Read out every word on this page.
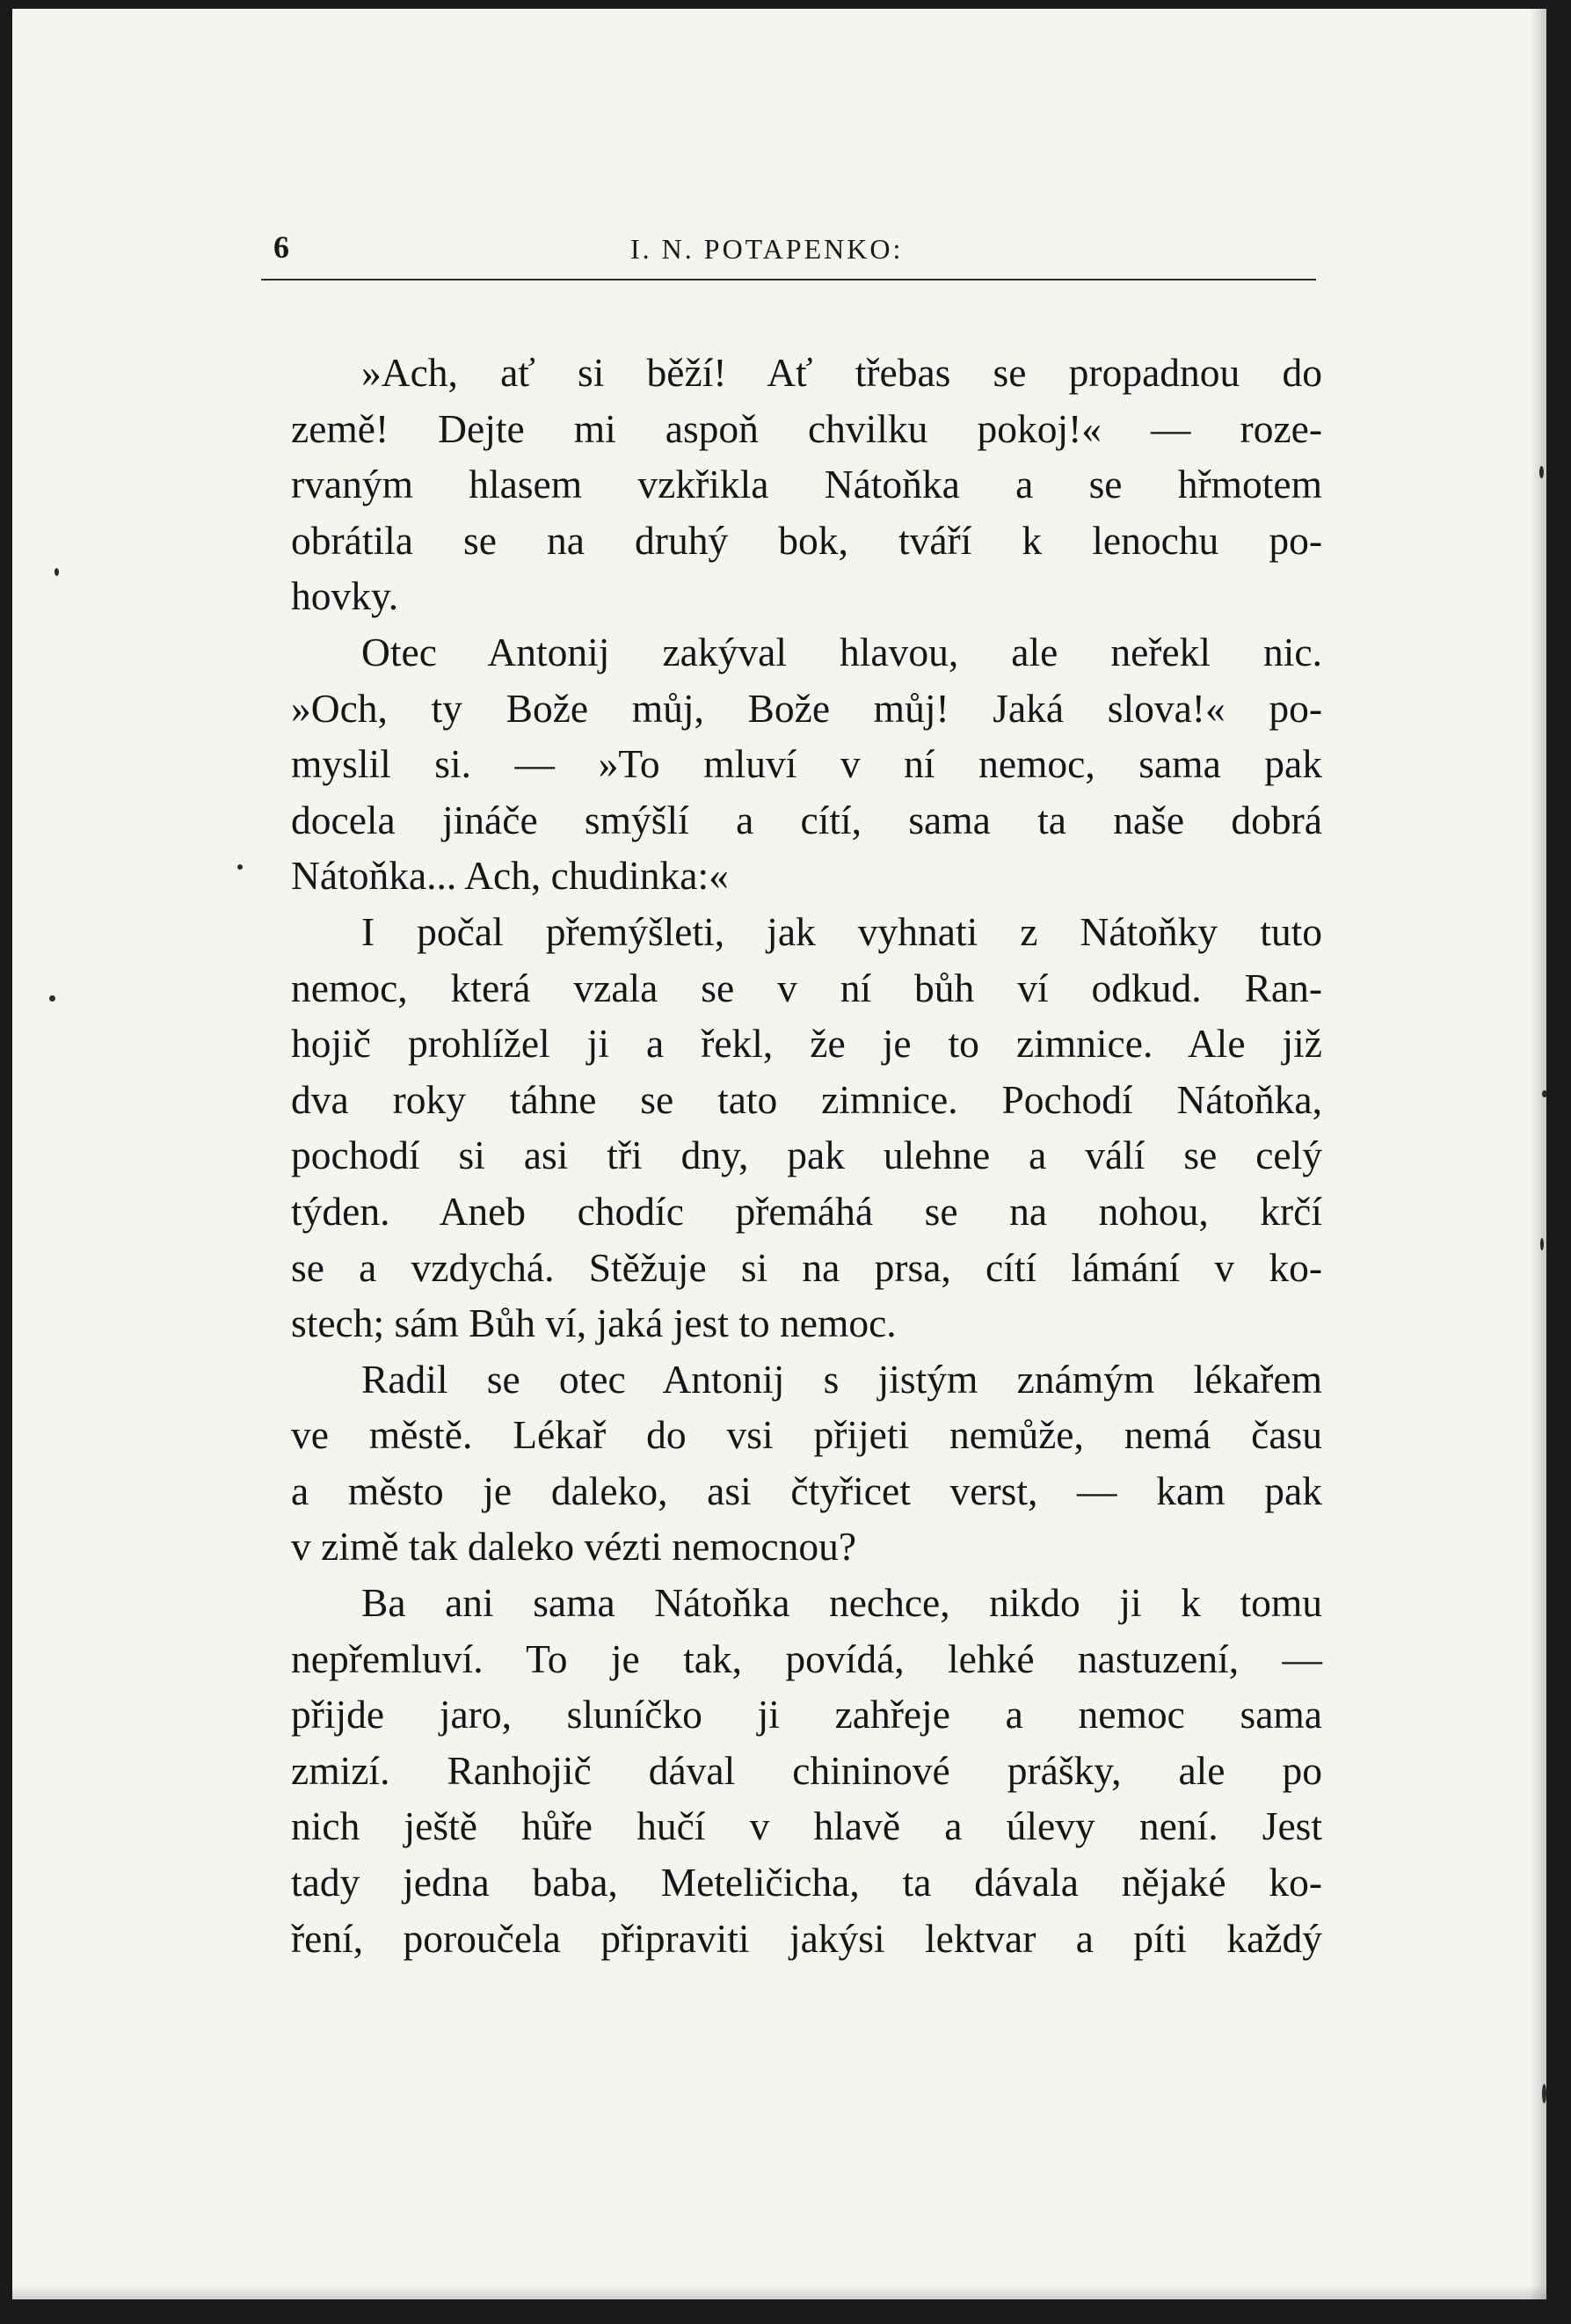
6	I. N. POTAPENKO:
»Ach, ať si běží! Ať třebas se propadnou do
země! Dejte mi aspoň chvilku pokoj!« — roze-
rvaným hlasem vzkřikla Nátoňka a se hřmotem
obrátila se na druhý bok, tváří k lenochu po-
hovky.
Otec Antonij zakýval hlavou, ale neřekl nic.
»Och, ty Bože můj, Bože můj! Jaká slova!« po-
myslil si. — »To mluví v ní nemoc, sama pak
docela jináče smýšlí a cítí, sama ta naše dobrá
Nátoňka... Ach, chudinka:«
I počal přemýšleti, jak vyhnati z Nátoňky tuto
nemoc, která vzala se v ní bůh ví odkud. Ran-
hojič prohlížel ji a řekl, že je to zimnice. Ale již
dva roky táhne se tato zimnice. Pochodí Nátoňka,
pochodí si asi tři dny, pak ulehne a válí se celý
týden. Aneb chodíc přemáhá se na nohou, krčí
se a vzdychá. Stěžuje si na prsa, cítí lámání v ko-
stech; sám Bůh ví, jaká jest to nemoc.
Radil se otec Antonij s jistým známým lékařem
ve městě. Lékař do vsi přijeti nemůže, nemá času
a město je daleko, asi čtyřicet verst, — kam pak
v zimě tak daleko vézti nemocnou?
Ba ani sama Nátoňka nechce, nikdo ji k tomu
nepřemluví. To je tak, povídá, lehké nastuzení, —
přijde jaro, sluníčko ji zahřeje a nemoc sama
zmizí. Ranhojič dával chininové prášky, ale po
nich ještě hůře hučí v hlavě a úlevy není. Jest
tady jedna baba, Meteličicha, ta dávala nějaké ko-
ření, poroučela připraviti jakýsi lektvar a píti každý
